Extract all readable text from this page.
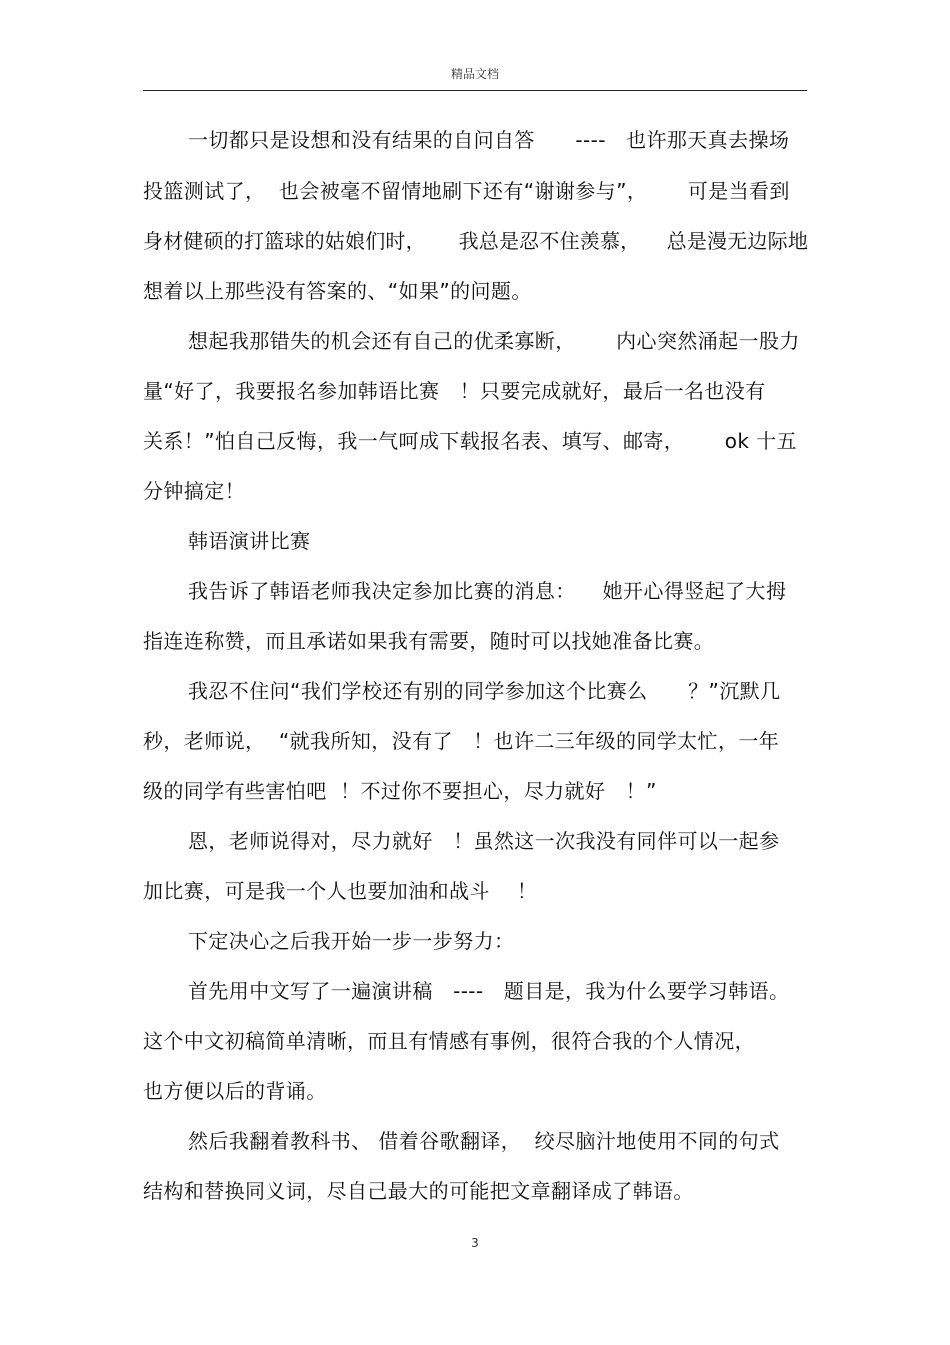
精品文档
一切都只是设想和没有结果的自问自答      ----   也许那天真去操场
投篮测试了，  也会被毫不留情地刷下还有“谢谢参与”，      可是当看到
身材健硕的打篮球的姑娘们时，     我总是忍不住羡慕，    总是漫无边际地
想着以上那些没有答案的、“如果”的问题。
想起我那错失的机会还有自己的优柔寡断，      内心突然涌起一股力
量“好了，我要报名参加韩语比赛   ！只要完成就好，最后一名也没有
关系！”怕自己反悔，我一气呵成下载报名表、填写、邮寄，      ok 十五
分钟搞定！
韩语演讲比赛
我告诉了韩语老师我决定参加比赛的消息：    她开心得竖起了大拇
指连连称赞，而且承诺如果我有需要，随时可以找她准备比赛。
我忍不住问“我们学校还有别的同学参加这个比赛么      ？”沉默几
秒，老师说，  “就我所知，没有了   ！也许二三年级的同学太忙，一年
级的同学有些害怕吧  ！不过你不要担心，尽力就好   ！”
恩，老师说得对，尽力就好   ！虽然这一次我没有同伴可以一起参
加比赛，可是我一个人也要加油和战斗    ！
下定决心之后我开始一步一步努力：
首先用中文写了一遍演讲稿   ----   题目是，我为什么要学习韩语。
这个中文初稿简单清晰，而且有情感有事例，很符合我的个人情况，
也方便以后的背诵。
然后我翻着教科书、 借着谷歌翻译，  绞尽脑汁地使用不同的句式
结构和替换同义词，尽自己最大的可能把文章翻译成了韩语。
3
